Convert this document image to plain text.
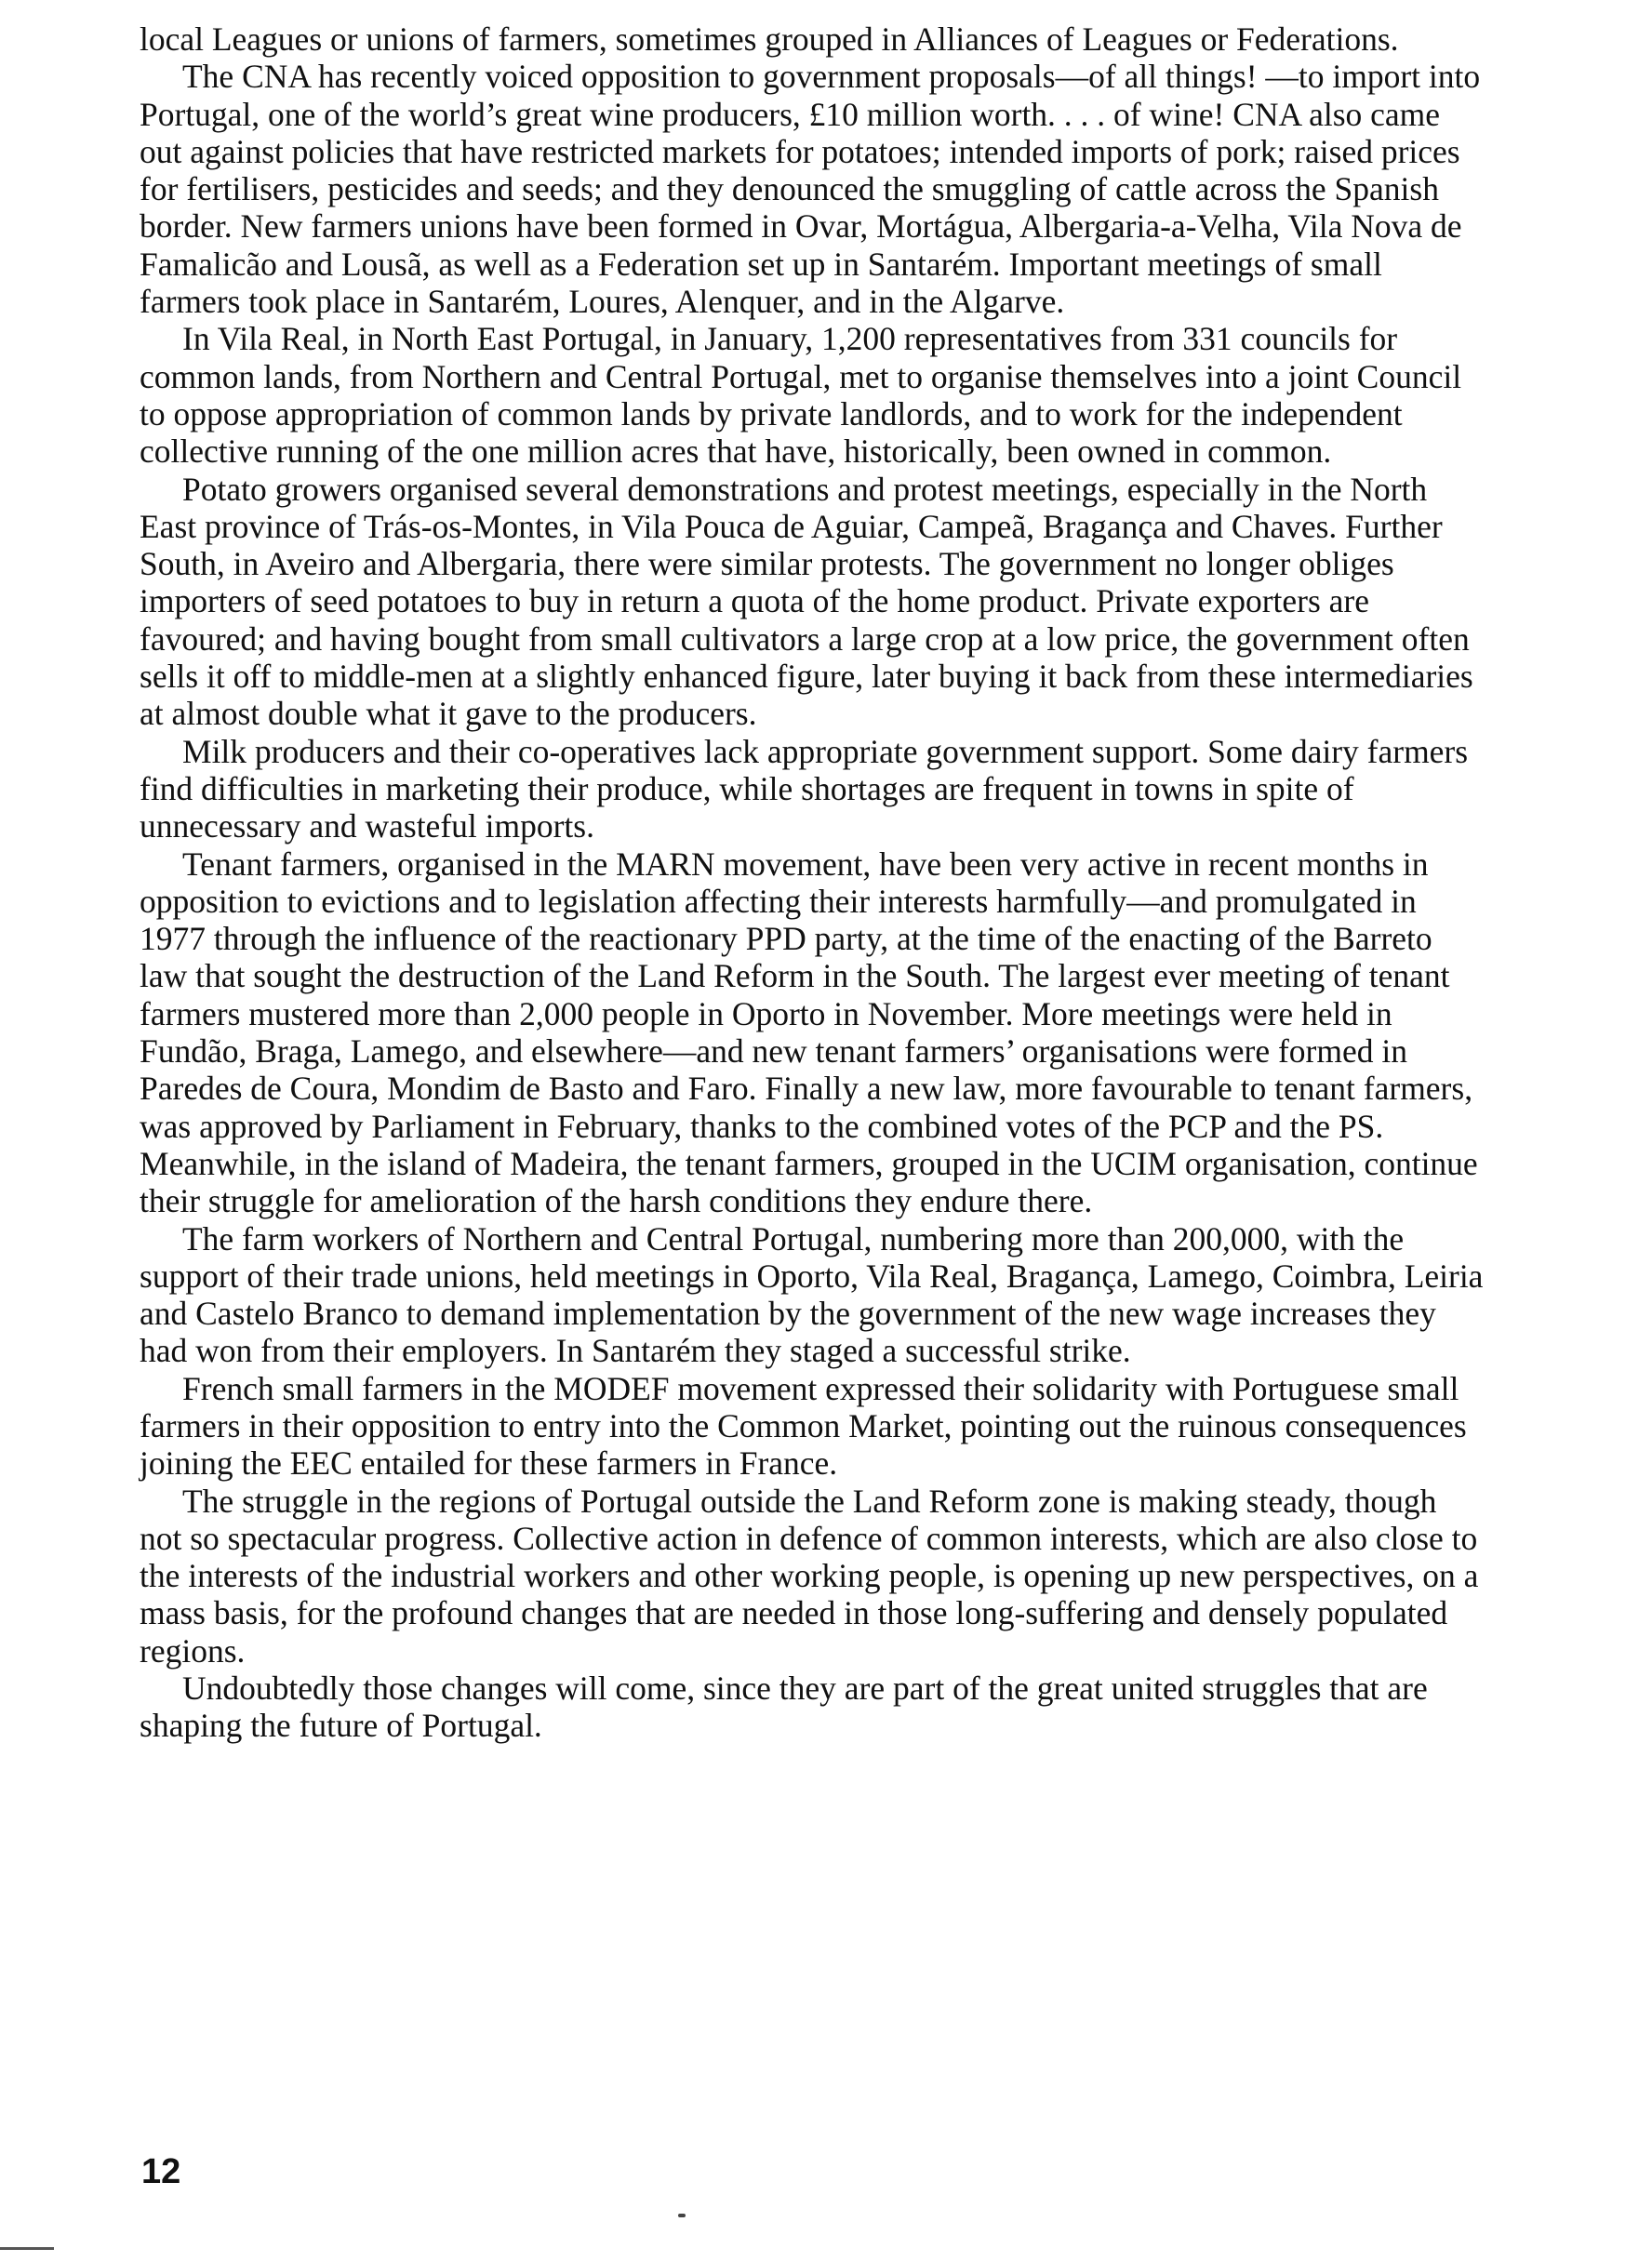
local Leagues or unions of farmers, sometimes grouped in Alliances of Leagues or Federations.

The CNA has recently voiced opposition to government proposals—of all things! —to import into Portugal, one of the world’s great wine producers, £10 million worth. . . . of wine! CNA also came out against policies that have restricted markets for potatoes; intended imports of pork; raised prices for fertilisers, pesticides and seeds; and they denounced the smuggling of cattle across the Spanish border. New farmers unions have been formed in Ovar, Mortágua, Albergaria-a-Velha, Vila Nova de Famalicão and Lousã, as well as a Federation set up in Santarém. Important meetings of small farmers took place in Santarém, Loures, Alenquer, and in the Algarve.

In Vila Real, in North East Portugal, in January, 1,200 representatives from 331 councils for common lands, from Northern and Central Portugal, met to organise themselves into a joint Council to oppose appropriation of common lands by private landlords, and to work for the independent collective running of the one million acres that have, historically, been owned in common.

Potato growers organised several demonstrations and protest meetings, especially in the North East province of Trás-os-Montes, in Vila Pouca de Aguiar, Campeã, Bragança and Chaves. Further South, in Aveiro and Albergaria, there were similar protests. The government no longer obliges importers of seed potatoes to buy in return a quota of the home product. Private exporters are favoured; and having bought from small cultivators a large crop at a low price, the government often sells it off to middle-men at a slightly enhanced figure, later buying it back from these intermediaries at almost double what it gave to the producers.

Milk producers and their co-operatives lack appropriate government support. Some dairy farmers find difficulties in marketing their produce, while shortages are frequent in towns in spite of unnecessary and wasteful imports.

Tenant farmers, organised in the MARN movement, have been very active in recent months in opposition to evictions and to legislation affecting their interests harmfully—and promulgated in 1977 through the influence of the reactionary PPD party, at the time of the enacting of the Barreto law that sought the destruction of the Land Reform in the South. The largest ever meeting of tenant farmers mustered more than 2,000 people in Oporto in November. More meetings were held in Fundão, Braga, Lamego, and elsewhere—and new tenant farmers’ organisations were formed in Paredes de Coura, Mondim de Basto and Faro. Finally a new law, more favourable to tenant farmers, was approved by Parliament in February, thanks to the combined votes of the PCP and the PS. Meanwhile, in the island of Madeira, the tenant farmers, grouped in the UCIM organisation, continue their struggle for amelioration of the harsh conditions they endure there.

The farm workers of Northern and Central Portugal, numbering more than 200,000, with the support of their trade unions, held meetings in Oporto, Vila Real, Bragança, Lamego, Coimbra, Leiria and Castelo Branco to demand implementation by the government of the new wage increases they had won from their employers. In Santarém they staged a successful strike.

French small farmers in the MODEF movement expressed their solidarity with Portuguese small farmers in their opposition to entry into the Common Market, pointing out the ruinous consequences joining the EEC entailed for these farmers in France.

The struggle in the regions of Portugal outside the Land Reform zone is making steady, though not so spectacular progress. Collective action in defence of common interests, which are also close to the interests of the industrial workers and other working people, is opening up new perspectives, on a mass basis, for the profound changes that are needed in those long-suffering and densely populated regions.

Undoubtedly those changes will come, since they are part of the great united struggles that are shaping the future of Portugal.

12
